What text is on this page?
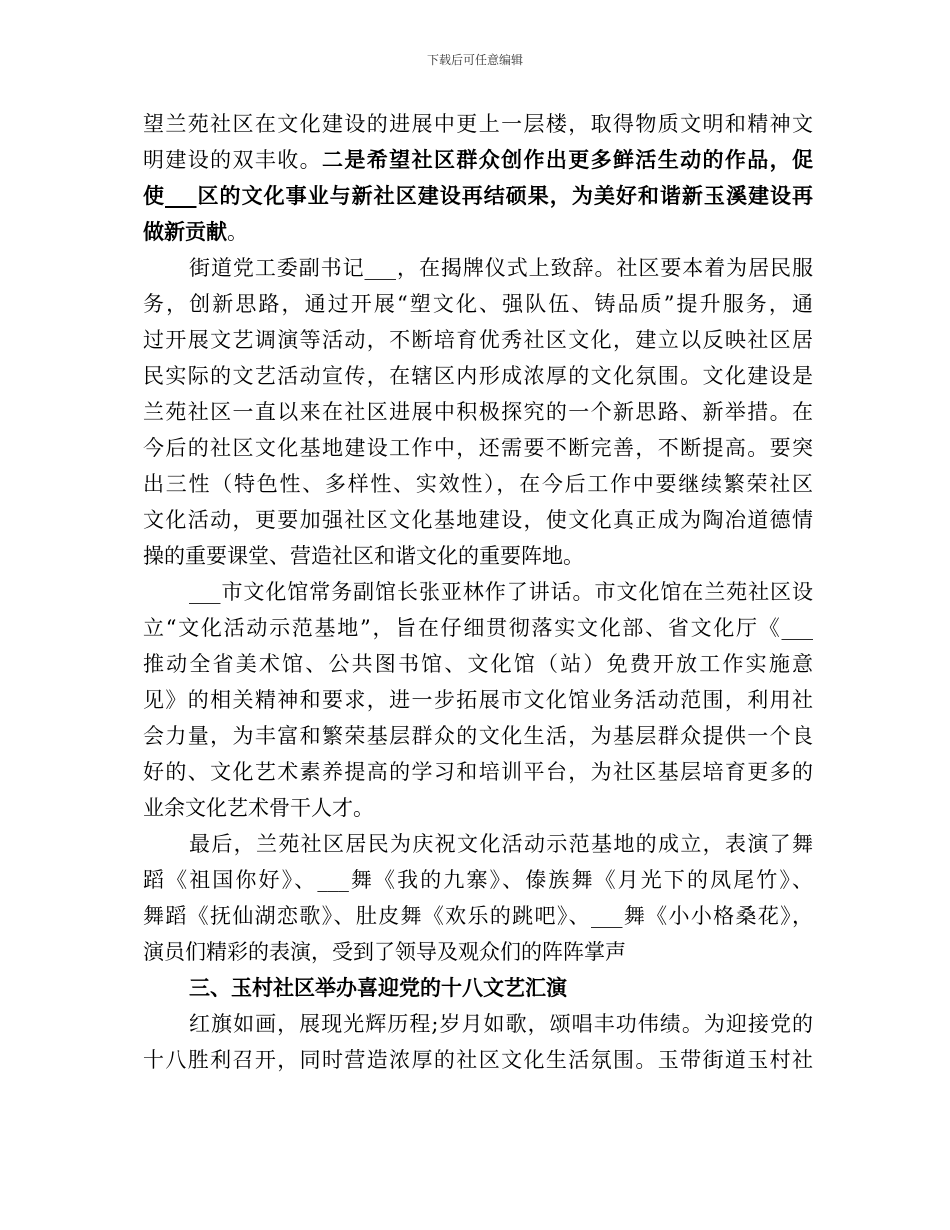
下载后可任意编辑
望兰苑社区在文化建设的进展中更上一层楼，取得物质文明和精神文
明建设的双丰收。二是希望社区群众创作出更多鲜活生动的作品，促
使___区的文化事业与新社区建设再结硕果，为美好和谐新玉溪建设再
做新贡献。
街道党工委副书记___，在揭牌仪式上致辞。社区要本着为居民服
务，创新思路，通过开展“塑文化、强队伍、铸品质”提升服务，通
过开展文艺调演等活动，不断培育优秀社区文化，建立以反映社区居
民实际的文艺活动宣传，在辖区内形成浓厚的文化氛围。文化建设是
兰苑社区一直以来在社区进展中积极探究的一个新思路、新举措。在
今后的社区文化基地建设工作中，还需要不断完善，不断提高。要突
出三性（特色性、多样性、实效性），在今后工作中要继续繁荣社区
文化活动，更要加强社区文化基地建设，使文化真正成为陶冶道德情
操的重要课堂、营造社区和谐文化的重要阵地。
___市文化馆常务副馆长张亚林作了讲话。市文化馆在兰苑社区设
立“文化活动示范基地”，旨在仔细贯彻落实文化部、省文化厅《___
推动全省美术馆、公共图书馆、文化馆（站）免费开放工作实施意
见》的相关精神和要求，进一步拓展市文化馆业务活动范围，利用社
会力量，为丰富和繁荣基层群众的文化生活，为基层群众提供一个良
好的、文化艺术素养提高的学习和培训平台，为社区基层培育更多的
业余文化艺术骨干人才。
最后，兰苑社区居民为庆祝文化活动示范基地的成立，表演了舞
蹈《祖国你好》、___舞《我的九寨》、傣族舞《月光下的凤尾竹》、
舞蹈《抚仙湖恋歌》、肚皮舞《欢乐的跳吧》、___舞《小小格桑花》，
演员们精彩的表演，受到了领导及观众们的阵阵掌声
三、玉村社区举办喜迎党的十八文艺汇演
红旗如画，展现光辉历程;岁月如歌，颂唱丰功伟绩。为迎接党的
十八胜利召开，同时营造浓厚的社区文化生活氛围。玉带街道玉村社
